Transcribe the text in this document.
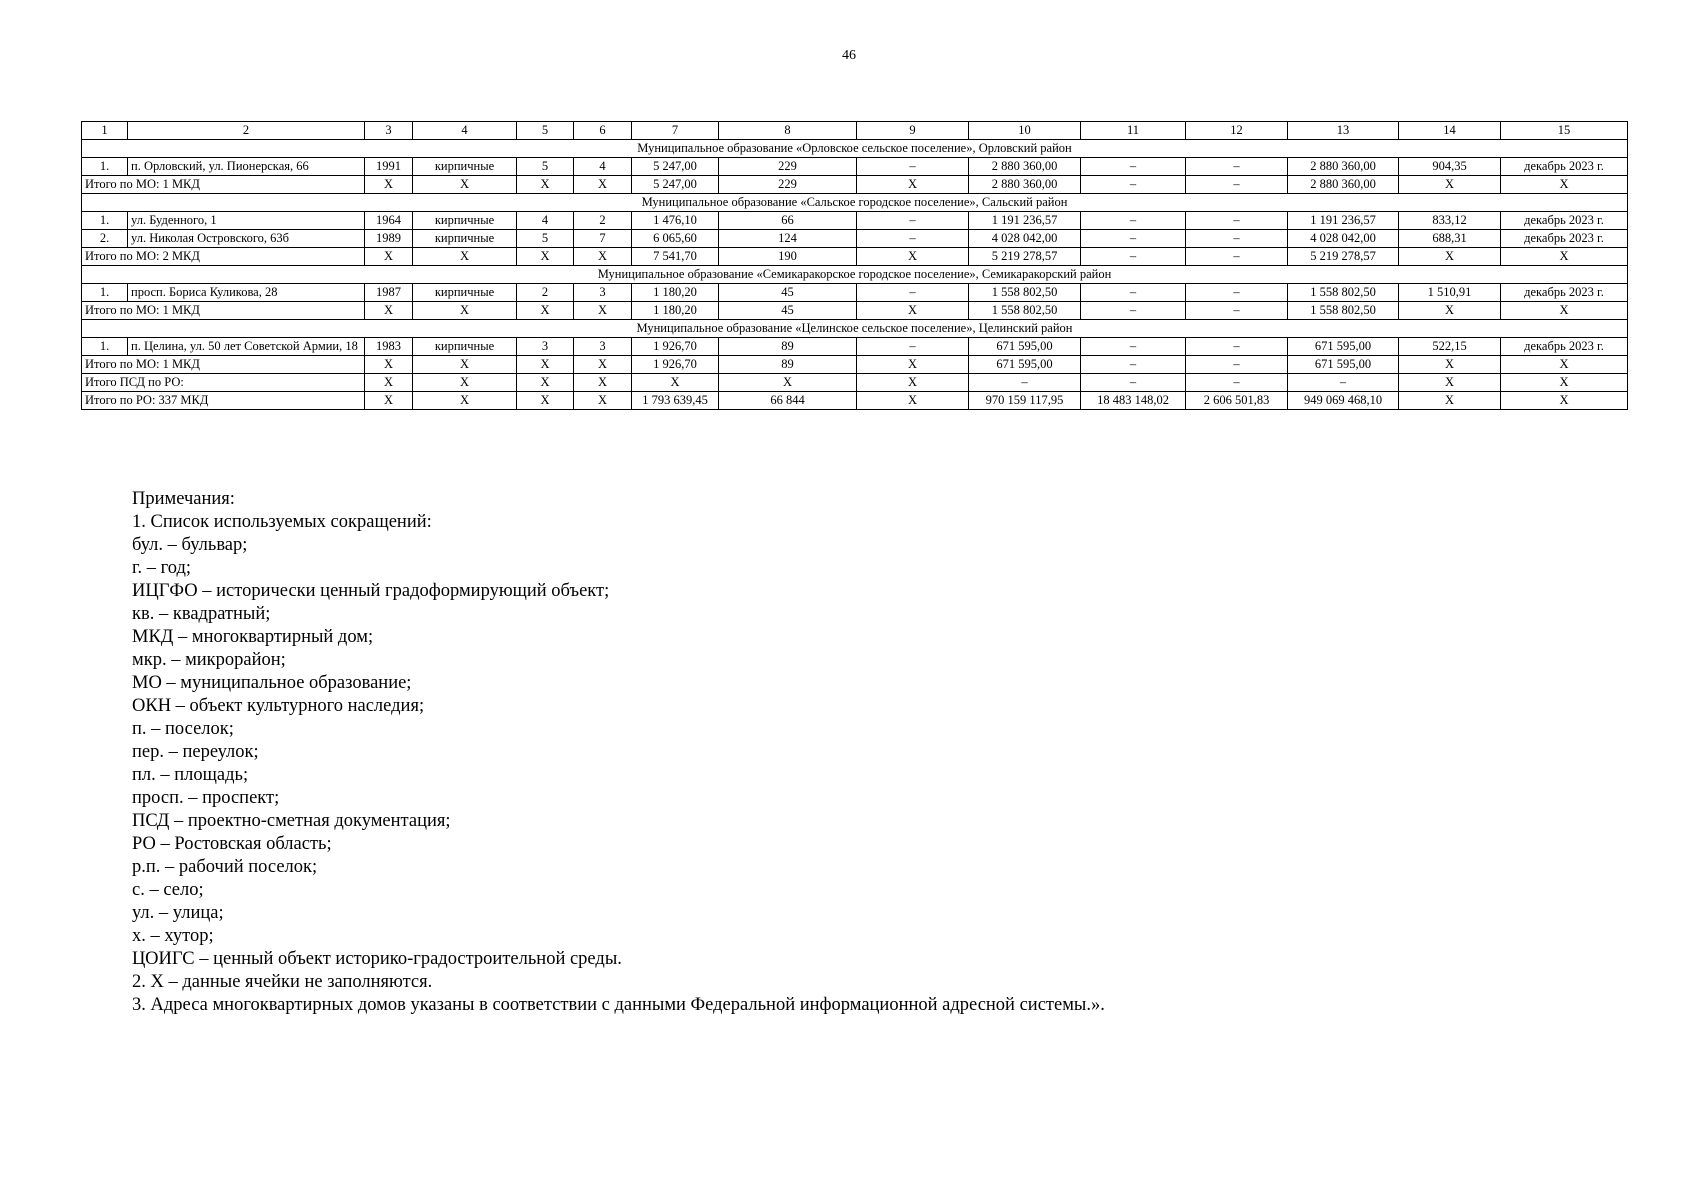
46
1	2	3	4	5	6	7	8	9	10	11	12	13	14	15
Муниципальное образование «Орловское сельское поселение», Орловский район														
1.	п. Орловский, ул. Пионерская, 66	1991	кирпичные	5	4	5 247,00	229	–	2 880 360,00	–	–	2 880 360,00	904,35	декабрь 2023 г.
Итого по МО: 1 МКД		X	X	X	X	5 247,00	229	X	2 880 360,00	–	–	2 880 360,00	X	X
Муниципальное образование «Сальское городское поселение», Сальский район														
1.	ул. Буденного, 1	1964	кирпичные	4	2	1 476,10	66	–	1 191 236,57	–	–	1 191 236,57	833,12	декабрь 2023 г.
2.	ул. Николая Островского, 63б	1989	кирпичные	5	7	6 065,60	124	–	4 028 042,00	–	–	4 028 042,00	688,31	декабрь 2023 г.
Итого по МО: 2 МКД		X	X	X	X	7 541,70	190	X	5 219 278,57	–	–	5 219 278,57	X	X
Муниципальное образование «Семикаракорское городское поселение», Семикаракорский район														
1.	просп. Бориса Куликова, 28	1987	кирпичные	2	3	1 180,20	45	–	1 558 802,50	–	–	1 558 802,50	1 510,91	декабрь 2023 г.
Итого по МО: 1 МКД		X	X	X	X	1 180,20	45	X	1 558 802,50	–	–	1 558 802,50	X	X
Муниципальное образование «Целинское сельское поселение», Целинский район														
1.	п. Целина, ул. 50 лет Советской Армии, 18	1983	кирпичные	3	3	1 926,70	89	–	671 595,00	–	–	671 595,00	522,15	декабрь 2023 г.
Итого по МО: 1 МКД		X	X	X	X	1 926,70	89	X	671 595,00	–	–	671 595,00	X	X
Итого ПСД по РО:		X	X	X	X	X	X	X	–	–	–	–	X	X
Итого по РО: 337 МКД		X	X	X	X	1 793 639,45	66 844	X	970 159 117,95	18 483 148,02	2 606 501,83	949 069 468,10	X	X
Примечания:
1. Список используемых сокращений:
бул. – бульвар;
г. – год;
ИЦГФО – исторически ценный градоформирующий объект;
кв. – квадратный;
МКД – многоквартирный дом;
мкр. – микрорайон;
МО – муниципальное образование;
ОКН – объект культурного наследия;
п. – поселок;
пер. – переулок;
пл. – площадь;
просп. – проспект;
ПСД – проектно-сметная документация;
РО – Ростовская область;
р.п. – рабочий поселок;
с. – село;
ул. – улица;
х. – хутор;
ЦОИГС – ценный объект историко-градостроительной среды.
2. X – данные ячейки не заполняются.
3. Адреса многоквартирных домов указаны в соответствии с данными Федеральной информационной адресной системы.».
